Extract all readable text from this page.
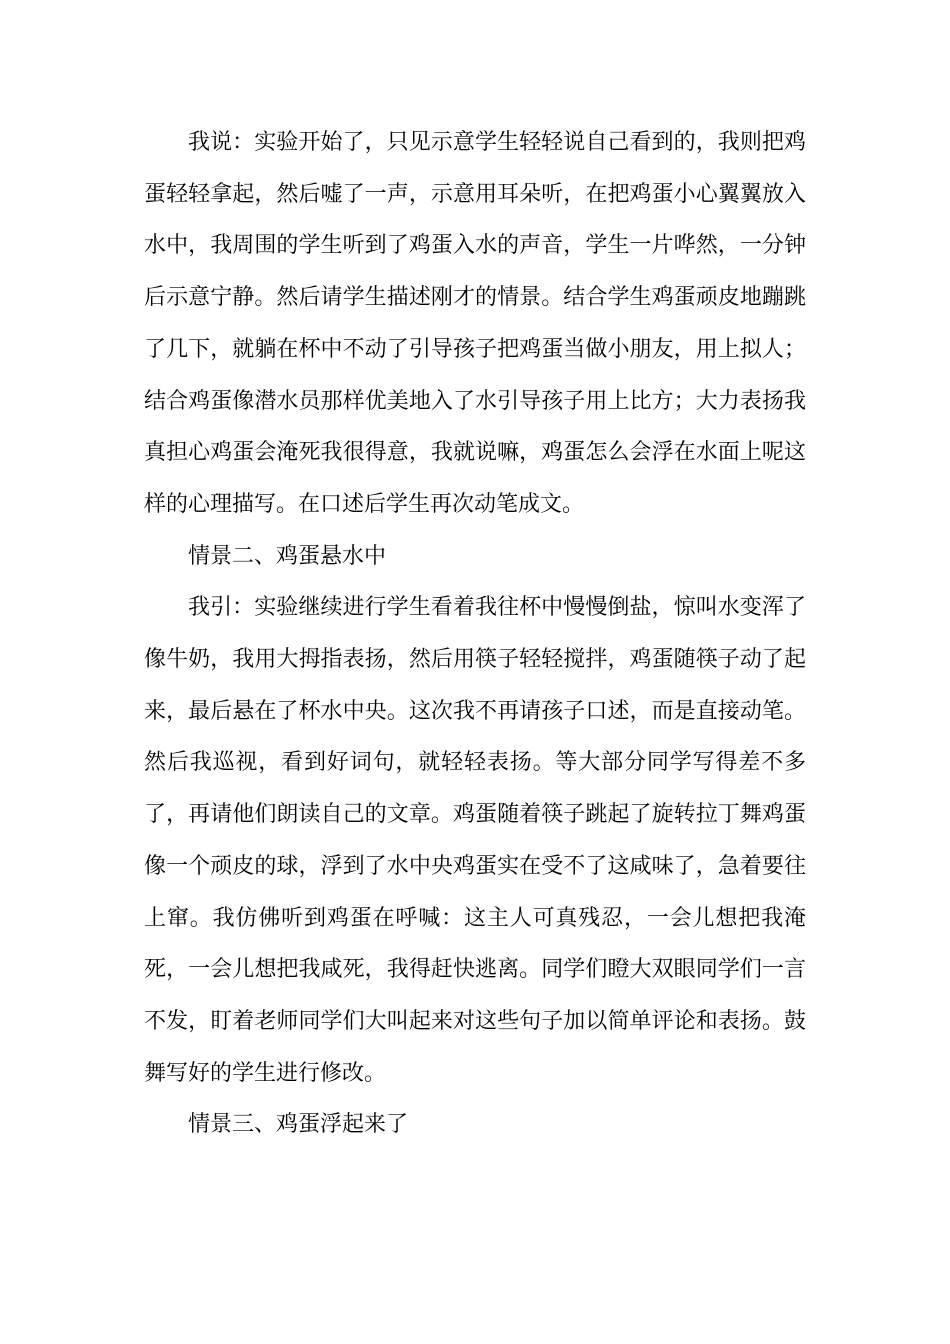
我说：实验开始了，只见示意学生轻轻说自己看到的，我则把鸡蛋轻轻拿起，然后嘘了一声，示意用耳朵听，在把鸡蛋小心翼翼放入水中，我周围的学生听到了鸡蛋入水的声音，学生一片哗然，一分钟后示意宁静。然后请学生描述刚才的情景。结合学生鸡蛋顽皮地蹦跳了几下，就躺在杯中不动了引导孩子把鸡蛋当做小朋友，用上拟人；结合鸡蛋像潜水员那样优美地入了水引导孩子用上比方；大力表扬我真担心鸡蛋会淹死我很得意，我就说嘛，鸡蛋怎么会浮在水面上呢这样的心理描写。在口述后学生再次动笔成文。

情景二、鸡蛋悬水中

我引：实验继续进行学生看着我往杯中慢慢倒盐，惊叫水变浑了像牛奶，我用大拇指表扬，然后用筷子轻轻搅拌，鸡蛋随筷子动了起来，最后悬在了杯水中央。这次我不再请孩子口述，而是直接动笔。然后我巡视，看到好词句，就轻轻表扬。等大部分同学写得差不多了，再请他们朗读自己的文章。鸡蛋随着筷子跳起了旋转拉丁舞鸡蛋像一个顽皮的球，浮到了水中央鸡蛋实在受不了这咸味了，急着要往上窜。我仿佛听到鸡蛋在呼喊：这主人可真残忍，一会儿想把我淹死，一会儿想把我咸死，我得赶快逃离。同学们瞪大双眼同学们一言不发，盯着老师同学们大叫起来对这些句子加以简单评论和表扬。鼓舞写好的学生进行修改。

情景三、鸡蛋浮起来了
